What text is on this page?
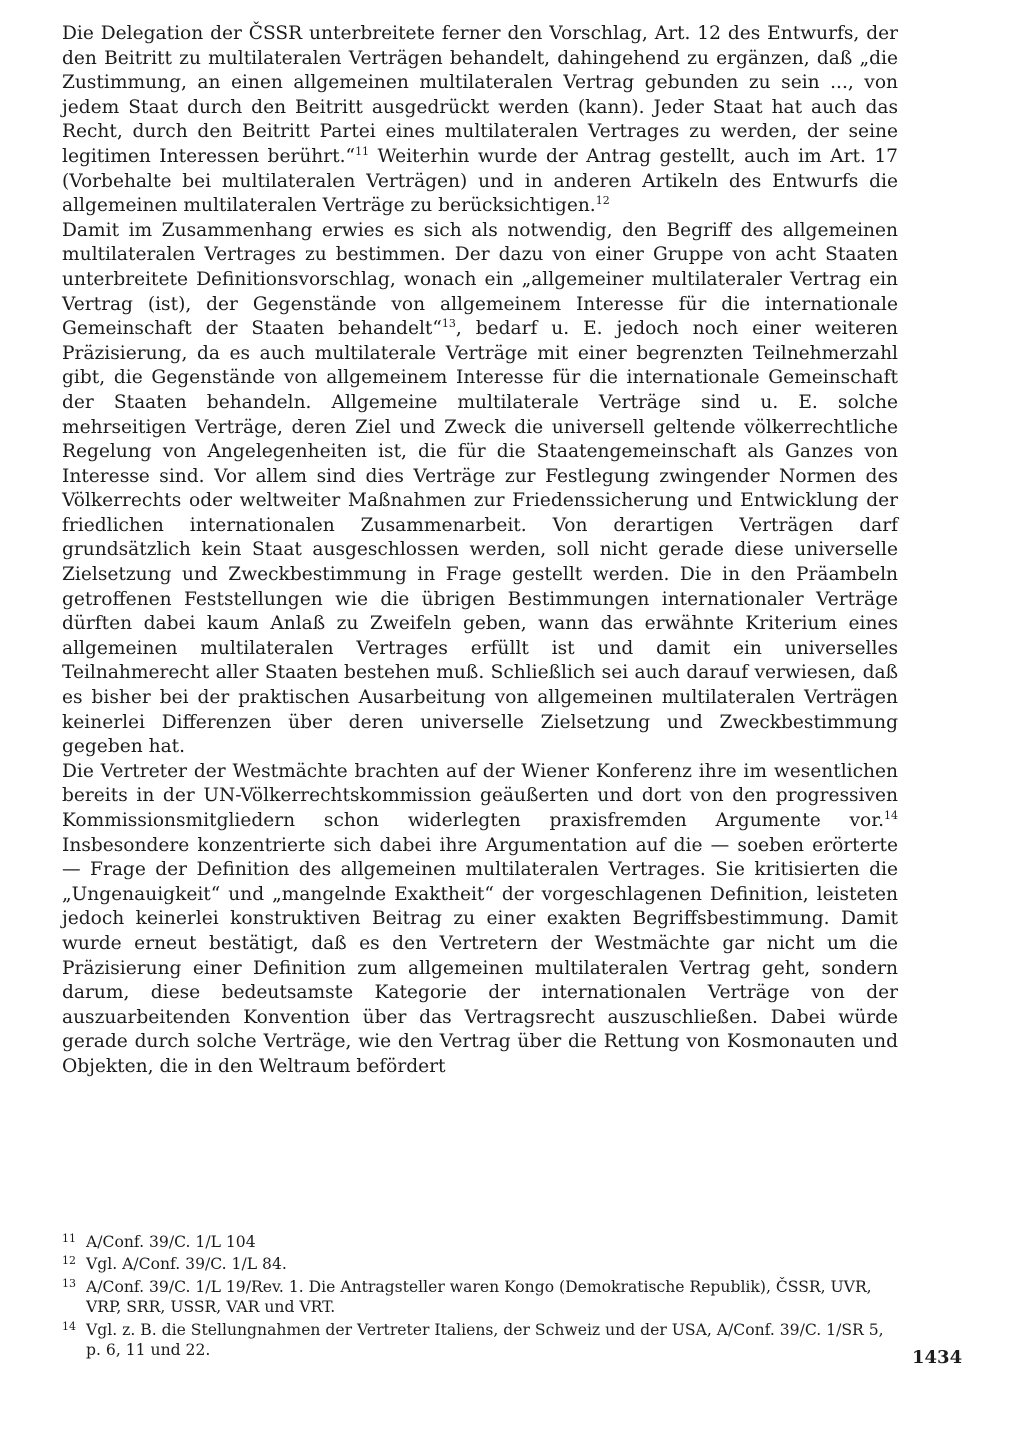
Die Delegation der ČSSR unterbreitete ferner den Vorschlag, Art. 12 des Entwurfs, der den Beitritt zu multilateralen Verträgen behandelt, dahingehend zu ergänzen, daß „die Zustimmung, an einen allgemeinen multilateralen Vertrag gebunden zu sein ..., von jedem Staat durch den Beitritt ausgedrückt werden (kann). Jeder Staat hat auch das Recht, durch den Beitritt Partei eines multilateralen Vertrages zu werden, der seine legitimen Interessen berührt.“$^{11}$ Weiterhin wurde der Antrag gestellt, auch im Art. 17 (Vorbehalte bei multilateralen Verträgen) und in anderen Artikeln des Entwurfs die allgemeinen multilateralen Verträge zu berücksichtigen.$^{12}$

Damit im Zusammenhang erwies es sich als notwendig, den Begriff des allgemeinen multilateralen Vertrages zu bestimmen. Der dazu von einer Gruppe von acht Staaten unterbreitete Definitionsvorschlag, wonach ein „allgemeiner multilateraler Vertrag ein Vertrag (ist), der Gegenstände von allgemeinem Interesse für die internationale Gemeinschaft der Staaten behandelt“$^{13}$, bedarf u. E. jedoch noch einer weiteren Präzisierung, da es auch multilaterale Verträge mit einer begrenzten Teilnehmerzahl gibt, die Gegenstände von allgemeinem Interesse für die internationale Gemeinschaft der Staaten behandeln. Allgemeine multilaterale Verträge sind u. E. solche mehrseitigen Verträge, deren Ziel und Zweck die universell geltende völkerrechtliche Regelung von Angelegenheiten ist, die für die Staatengemeinschaft als Ganzes von Interesse sind. Vor allem sind dies Verträge zur Festlegung zwingender Normen des Völkerrechts oder weltweiter Maßnahmen zur Friedenssicherung und Entwicklung der friedlichen internationalen Zusammenarbeit. Von derartigen Verträgen darf grundsätzlich kein Staat ausgeschlossen werden, soll nicht gerade diese universelle Zielsetzung und Zweckbestimmung in Frage gestellt werden. Die in den Präambeln getroffenen Feststellungen wie die übrigen Bestimmungen internationaler Verträge dürften dabei kaum Anlaß zu Zweifeln geben, wann das erwähnte Kriterium eines allgemeinen multilateralen Vertrages erfüllt ist und damit ein universelles Teilnahmerecht aller Staaten bestehen muß. Schließlich sei auch darauf verwiesen, daß es bisher bei der praktischen Ausarbeitung von allgemeinen multilateralen Verträgen keinerlei Differenzen über deren universelle Zielsetzung und Zweckbestimmung gegeben hat.

Die Vertreter der Westmächte brachten auf der Wiener Konferenz ihre im wesentlichen bereits in der UN-Völkerrechtskommission geäußerten und dort von den progressiven Kommissionsmitgliedern schon widerlegten praxisfremden Argumente vor.$^{14}$ Insbesondere konzentrierte sich dabei ihre Argumentation auf die — soeben erörterte — Frage der Definition des allgemeinen multilateralen Vertrages. Sie kritisierten die „Ungenauigkeit“ und „mangelnde Exaktheit“ der vorgeschlagenen Definition, leisteten jedoch keinerlei konstruktiven Beitrag zu einer exakten Begriffsbestimmung. Damit wurde erneut bestätigt, daß es den Vertretern der Westmächte gar nicht um die Präzisierung einer Definition zum allgemeinen multilateralen Vertrag geht, sondern darum, diese bedeutsamste Kategorie der internationalen Verträge von der auszuarbeitenden Konvention über das Vertragsrecht auszuschließen. Dabei würde gerade durch solche Verträge, wie den Vertrag über die Rettung von Kosmonauten und Objekten, die in den Weltraum befördert

11 A/Conf. 39/C. 1/L 104
12 Vgl. A/Conf. 39/C. 1/L 84.
13 A/Conf. 39/C. 1/L 19/Rev. 1. Die Antragsteller waren Kongo (Demokratische Republik), ČSSR, UVR, VRP, SRR, USSR, VAR und VRT.
14 Vgl. z. B. die Stellungnahmen der Vertreter Italiens, der Schweiz und der USA, A/Conf. 39/C. 1/SR 5, p. 6, 11 und 22.	1434
